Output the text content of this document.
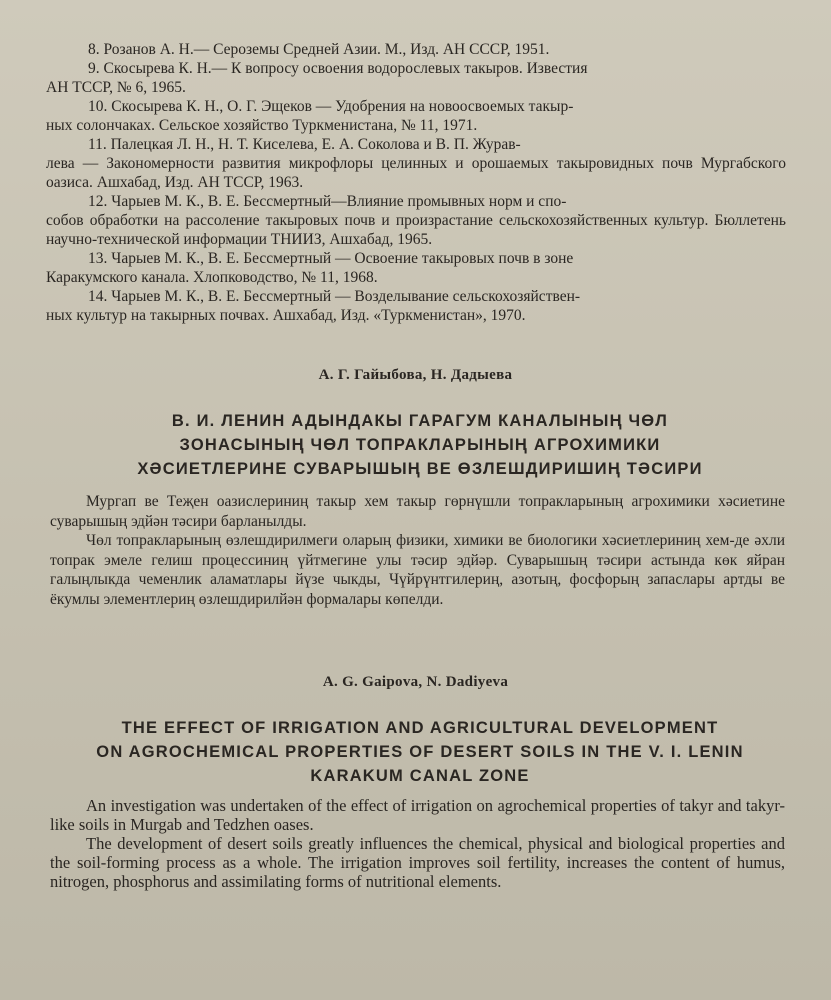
8. Розанов А. Н.— Сероземы Средней Азии. М., Изд. АН СССР, 1951.
9. Скосырева К. Н.— К вопросу освоения водорослевых такыров. Известия
АН ТССР, № 6, 1965.
10. Скосырева К. Н., О. Г. Эщеков — Удобрения на новоосвоемых такыр-
ных солончаках. Сельское хозяйство Туркменистана, № 11, 1971.
11. Палецкая Л. Н., Н. Т. Киселева, Е. А. Соколова и В. П. Журав-
лева — Закономерности развития микрофлоры целинных и орошаемых такыровидных почв Мургабского оазиса. Ашхабад, Изд. АН ТССР, 1963.
12. Чарыев М. К., В. Е. Бессмертный—Влияние промывных норм и спо-
собов обработки на рассоление такыровых почв и произрастание сельскохозяйственных культур. Бюллетень научно-технической информации ТНИИЗ, Ашхабад, 1965.
13. Чарыев М. К., В. Е. Бессмертный — Освоение такыровых почв в зоне
Каракумского канала. Хлопководство, № 11, 1968.
14. Чарыев М. К., В. Е. Бессмертный — Возделывание сельскохозяйствен-
ных культур на такырных почвах. Ашхабад, Изд. «Туркменистан», 1970.
А. Г. Гайыбова, Н. Дадыева
В. И. ЛЕНИН АДЫНДАКЫ ГАРАГУМ КАНАЛЫНЫҢ ЧӨЛ
ЗОНАСЫНЫҢ ЧӨЛ ТОПРАКЛАРЫНЫҢ АГРОХИМИКИ
ХӘСИЕТЛЕРИНЕ СУВАРЫШЫҢ ВЕ ӨЗЛЕШДИРИШИҢ ТӘСИРИ

Мургап ве Теҗен оазислериниң такыр хем такыр гөрнүшли топракларының агрохимики хәсиетине суварышың эдйән тәсири барланылды.

Чөл топракларының өзлешдирилмеги оларың физики, химики ве биологики хәсиетлериниң хем-де әхли топрак эмеле гелиш процессиниң үйтмегине улы тәсир эдйәр. Суварышың тәсири астында көк яйран галыңлыкда чеменлик аламатлары йүзе чыкды, Чүйрүнтгилериң, азотың, фосфорың запаслары артды ве ёкумлы элементлериң өзлешдирилйән формалары көпелди.

A. G. Gaipova, N. Dadiyeva
THE EFFECT OF IRRIGATION AND AGRICULTURAL DEVELOPMENT
ON AGROCHEMICAL PROPERTIES OF DESERT SOILS IN THE V. I. LENIN
KARAKUM CANAL ZONE

An investigation was undertaken of the effect of irrigation on agrochemical properties of takyr and takyr-like soils in Murgab and Tedzhen oases.

The development of desert soils greatly influences the chemical, physical and biological properties and the soil-forming process as a whole. The irrigation improves soil fertility, increases the content of humus, nitrogen, phosphorus and assimilating forms of nutritional elements.
